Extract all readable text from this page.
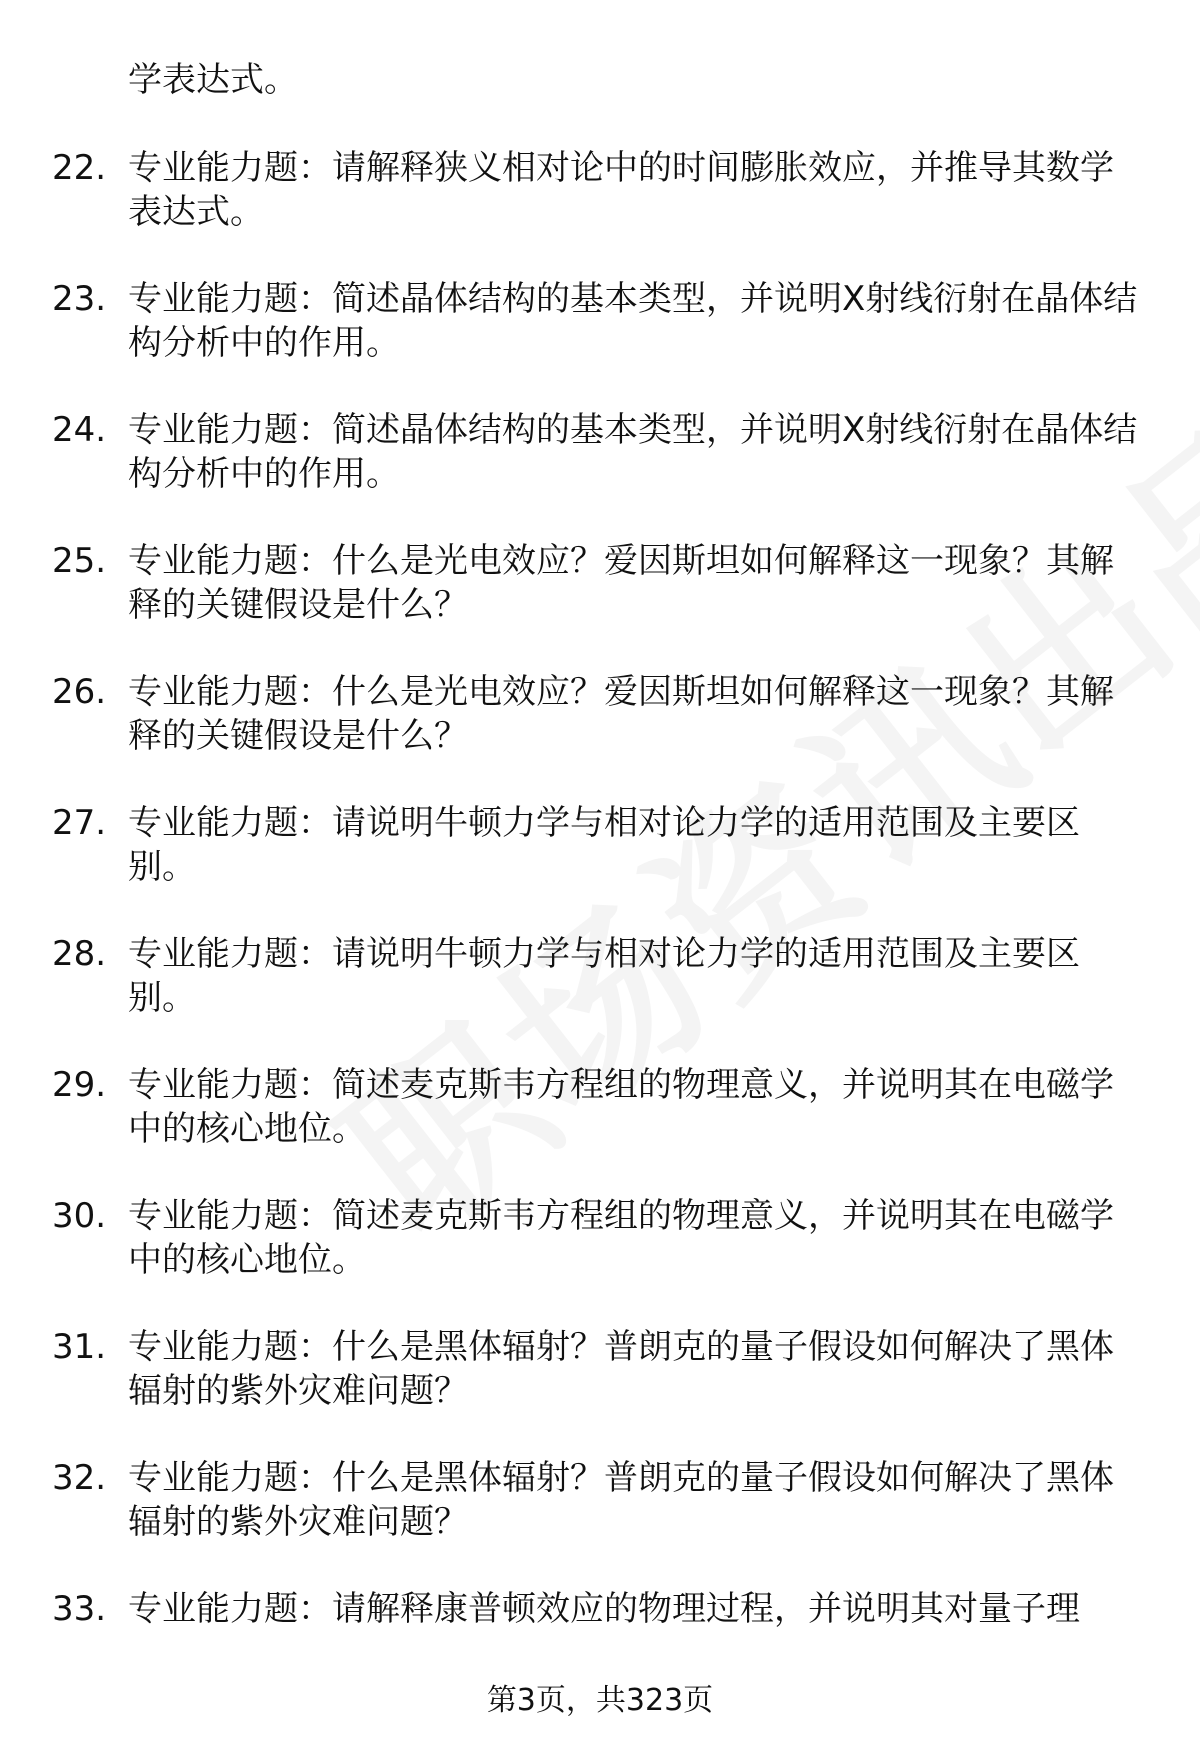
学表达式。

22. 专业能力题：请解释狭义相对论中的时间膨胀效应，并推导其数学表达式。
23. 专业能力题：简述晶体结构的基本类型，并说明X射线衍射在晶体结构分析中的作用。
24. 专业能力题：简述晶体结构的基本类型，并说明X射线衍射在晶体结构分析中的作用。
25. 专业能力题：什么是光电效应？爱因斯坦如何解释这一现象？其解释的关键假设是什么？
26. 专业能力题：什么是光电效应？爱因斯坦如何解释这一现象？其解释的关键假设是什么？
27. 专业能力题：请说明牛顿力学与相对论力学的适用范围及主要区别。
28. 专业能力题：请说明牛顿力学与相对论力学的适用范围及主要区别。
29. 专业能力题：简述麦克斯韦方程组的物理意义，并说明其在电磁学中的核心地位。
30. 专业能力题：简述麦克斯韦方程组的物理意义，并说明其在电磁学中的核心地位。
31. 专业能力题：什么是黑体辐射？普朗克的量子假设如何解决了黑体辐射的紫外灾难问题？
32. 专业能力题：什么是黑体辐射？普朗克的量子假设如何解决了黑体辐射的紫外灾难问题？
33. 专业能力题：请解释康普顿效应的物理过程，并说明其对量子理
第3页，共323页
